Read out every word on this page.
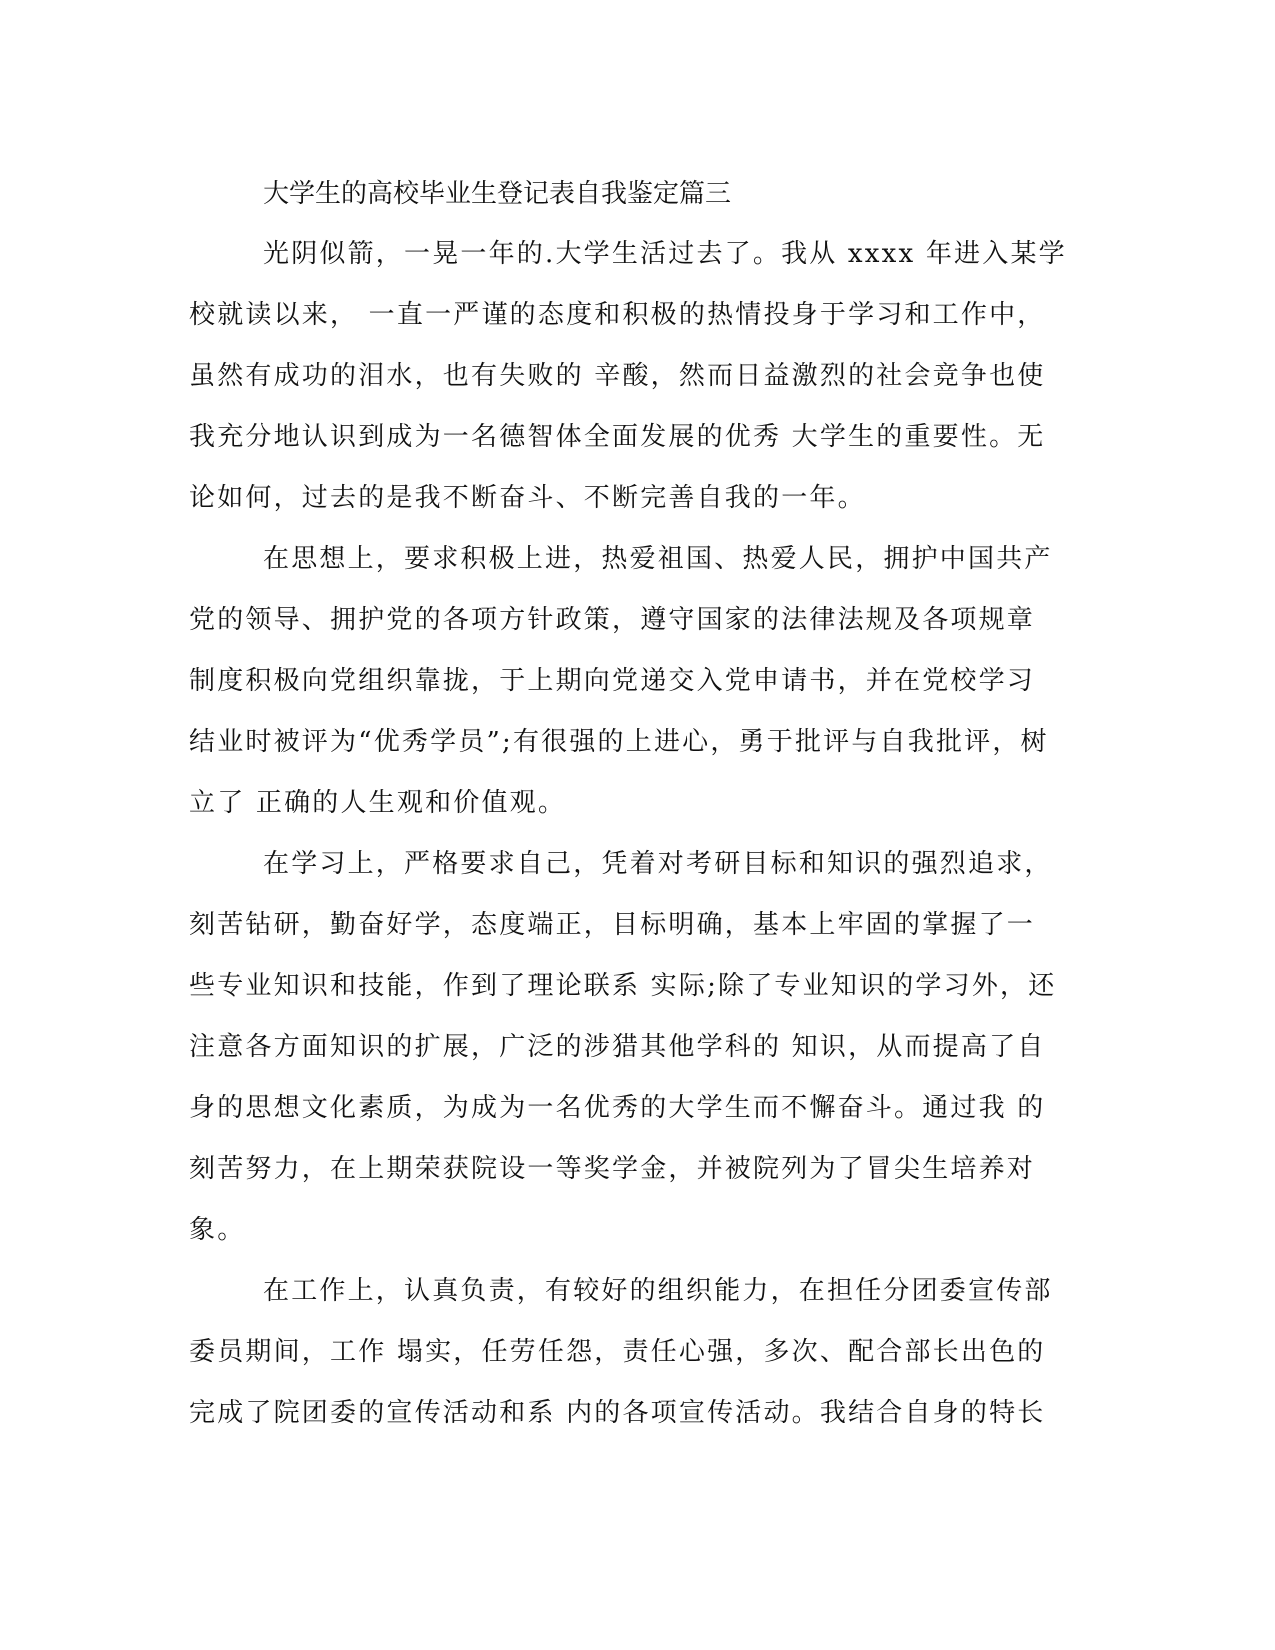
大学生的高校毕业生登记表自我鉴定篇三

光阴似箭，一晃一年的.大学生活过去了。我从 xxxx 年进入某学
校就读以来， 一直一严谨的态度和积极的热情投身于学习和工作中，
虽然有成功的泪水，也有失败的 辛酸，然而日益激烈的社会竞争也使
我充分地认识到成为一名德智体全面发展的优秀 大学生的重要性。无
论如何，过去的是我不断奋斗、不断完善自我的一年。

在思想上，要求积极上进，热爱祖国、热爱人民，拥护中国共产
党的领导、拥护党的各项方针政策，遵守国家的法律法规及各项规章
制度积极向党组织靠拢，于上期向党递交入党申请书，并在党校学习
结业时被评为“优秀学员”;有很强的上进心，勇于批评与自我批评，树
立了 正确的人生观和价值观。

在学习上，严格要求自己，凭着对考研目标和知识的强烈追求，
刻苦钻研，勤奋好学，态度端正，目标明确，基本上牢固的掌握了一
些专业知识和技能，作到了理论联系 实际;除了专业知识的学习外，还
注意各方面知识的扩展，广泛的涉猎其他学科的 知识，从而提高了自
身的思想文化素质，为成为一名优秀的大学生而不懈奋斗。通过我 的
刻苦努力，在上期荣获院设一等奖学金，并被院列为了冒尖生培养对
象。

在工作上，认真负责，有较好的组织能力，在担任分团委宣传部
委员期间，工作 塌实，任劳任怨，责任心强，多次、配合部长出色的
完成了院团委的宣传活动和系 内的各项宣传活动。我结合自身的特长
